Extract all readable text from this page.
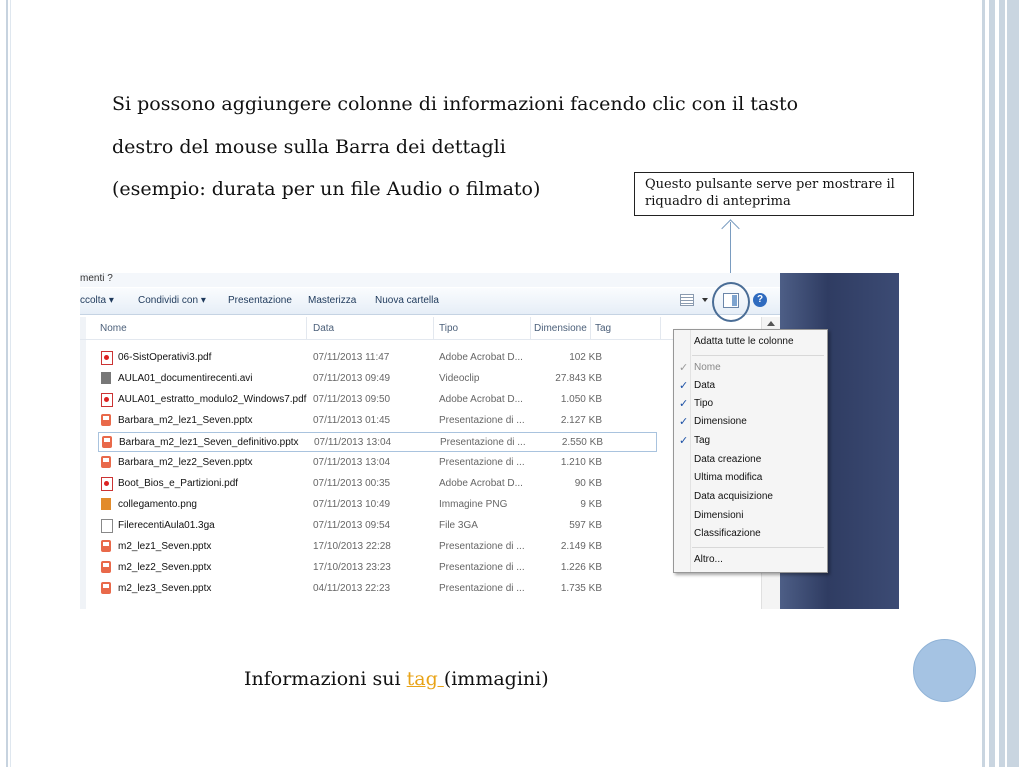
Si possono aggiungere colonne di informazioni facendo clic con il tasto
destro del mouse sulla Barra dei dettagli
(esempio: durata per un file Audio o filmato)	Questo pulsante serve per mostrare il riquadro di anteprima
menti ?
ccolta ▾ Condividi con ▾ Presentazione Masterizza Nuova cartella	?
Nome	Data	Tipo	Dimensione Tag
06-SistOperativi3.pdf	07/11/2013 11:47	Adobe Acrobat D...	102 KB
AULA01_documentirecenti.avi	07/11/2013 09:49	Videoclip	27.843 KB
AULA01_estratto_modulo2_Windows7.pdf 07/11/2013 09:50	Adobe Acrobat D...	1.050 KB
Barbara_m2_lez1_Seven.pptx	07/11/2013 01:45	Presentazione di ...	2.127 KB
Barbara_m2_lez1_Seven_definitivo.pptx 07/11/2013 13:04	Presentazione di ...	2.550 KB
Barbara_m2_lez2_Seven.pptx	07/11/2013 13:04	Presentazione di ...	1.210 KB
Boot_Bios_e_Partizioni.pdf	07/11/2013 00:35	Adobe Acrobat D...	90 KB
collegamento.png	07/11/2013 10:49	Immagine PNG	9 KB
FilerecentiAula01.3ga	07/11/2013 09:54	File 3GA	597 KB
m2_lez1_Seven.pptx	17/10/2013 22:28	Presentazione di ...	2.149 KB
m2_lez2_Seven.pptx	17/10/2013 23:23	Presentazione di ...	1.226 KB
m2_lez3_Seven.pptx	04/11/2013 22:23	Presentazione di ...	1.735 KB
Adatta tutte le colonne
Nome
✓
Data
✓
Tipo
✓
Dimensione
✓
Tag
✓
Data creazione
Ultima modifica
Data acquisizione
Dimensioni
Classificazione
Altro...
Informazioni sui tag (immagini)
